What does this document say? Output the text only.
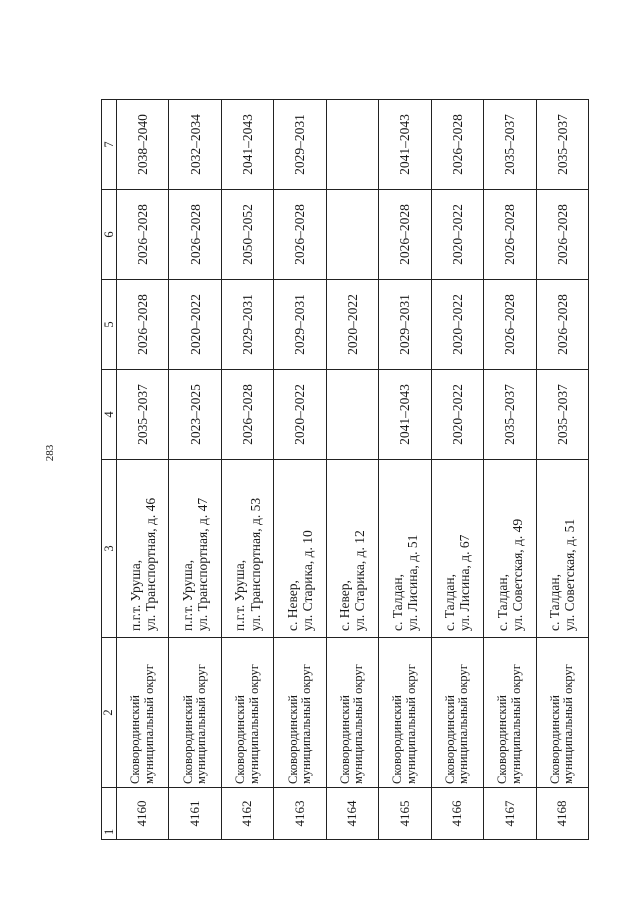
283
1	2	3	4	5	6	7
4160	Сковородинский муниципальный округ	п.г.т. Уруша, ул. Транспортная, д. 46	2035–2037	2026–2028	2026–2028	2038–2040
4161	Сковородинский муниципальный округ	п.г.т. Уруша, ул. Транспортная, д. 47	2023–2025	2020–2022	2026–2028	2032–2034
4162	Сковородинский муниципальный округ	п.г.т. Уруша, ул. Транспортная, д. 53	2026–2028	2029–2031	2050–2052	2041–2043
4163	Сковородинский муниципальный округ	с. Невер, ул. Старика, д. 10	2020–2022	2029–2031	2026–2028	2029–2031
4164	Сковородинский муниципальный округ	с. Невер, ул. Старика, д. 12		2020–2022		
4165	Сковородинский муниципальный округ	с. Талдан, ул. Лисина, д. 51	2041–2043	2029–2031	2026–2028	2041–2043
4166	Сковородинский муниципальный округ	с. Талдан, ул. Лисина, д. 67	2020–2022	2020–2022	2020–2022	2026–2028
4167	Сковородинский муниципальный округ	с. Талдан, ул. Советская, д. 49	2035–2037	2026–2028	2026–2028	2035–2037
4168	Сковородинский муниципальный округ	с. Талдан, ул. Советская, д. 51	2035–2037	2026–2028	2026–2028	2035–2037
